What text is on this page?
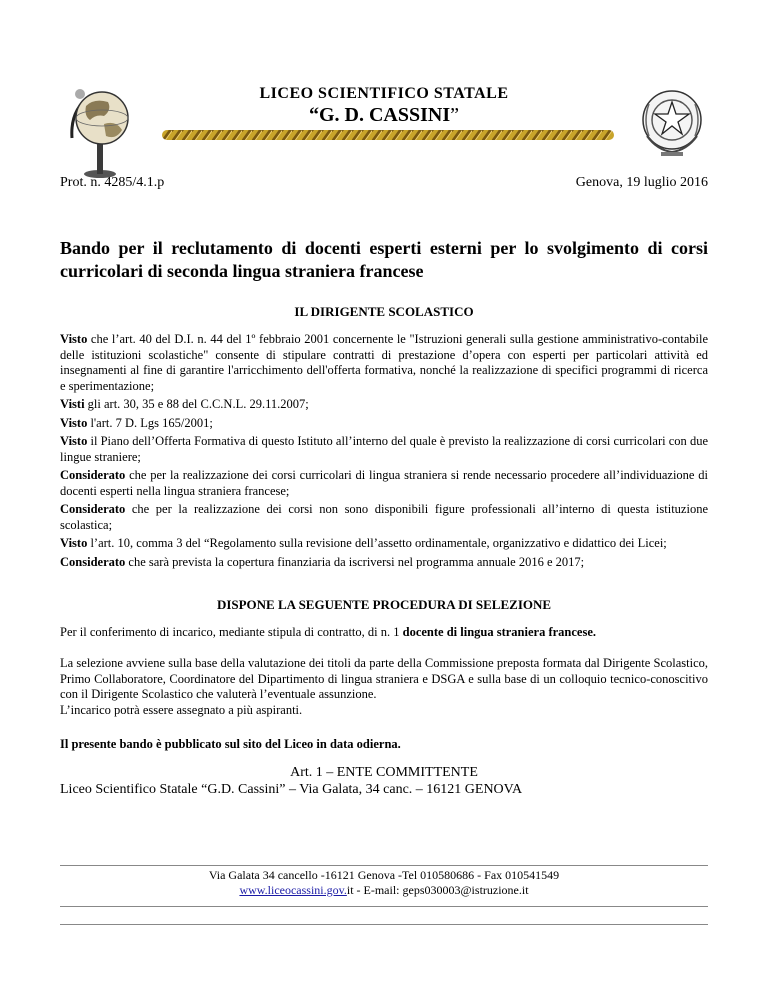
LICEO SCIENTIFICO STATALE
“G. D. CASSINI”
Prot. n. 4285/4.1.p	Genova, 19 luglio 2016
Bando per il reclutamento di docenti esperti esterni per lo svolgimento di corsi curricolari di seconda lingua straniera francese
IL DIRIGENTE SCOLASTICO

Visto che l’art. 40 del D.I. n. 44 del 1º febbraio 2001 concernente le "Istruzioni generali sulla gestione amministrativo-contabile delle istituzioni scolastiche" consente di stipulare contratti di prestazione d’opera con esperti per particolari attività ed insegnamenti al fine di garantire l'arricchimento dell'offerta formativa, nonché la realizzazione di specifici programmi di ricerca e sperimentazione;

Visti gli art. 30, 35 e 88 del C.C.N.L. 29.11.2007;

Visto l'art. 7 D. Lgs 165/2001;

Visto il Piano dell’Offerta Formativa di questo Istituto all’interno del quale è previsto la realizzazione di corsi curricolari con due lingue straniere;

Considerato che per la realizzazione dei corsi curricolari di lingua straniera si rende necessario procedere all’individuazione di docenti esperti nella lingua straniera francese;

Considerato che per la realizzazione dei corsi non sono disponibili figure professionali all’interno di questa istituzione scolastica;

Visto l’art. 10, comma 3 del “Regolamento sulla revisione dell’assetto ordinamentale, organizzativo e didattico dei Licei;

Considerato che sarà prevista la copertura finanziaria da iscriversi nel programma annuale 2016 e 2017;

DISPONE LA SEGUENTE PROCEDURA DI SELEZIONE
Per il conferimento di incarico, mediante stipula di contratto, di n. 1 docente di lingua straniera francese.

La selezione avviene sulla base della valutazione dei titoli da parte della Commissione preposta formata dal Dirigente Scolastico, Primo Collaboratore, Coordinatore del Dipartimento di lingua straniera e DSGA e sulla base di un colloquio tecnico-conoscitivo con il Dirigente Scolastico che valuterà l’eventuale assunzione.

L’incarico potrà essere assegnato a più aspiranti.

Il presente bando è pubblicato sul sito del Liceo in data odierna.
Art. 1 – ENTE COMMITTENTE
Liceo Scientifico Statale “G.D. Cassini” – Via Galata, 34 canc. – 16121 GENOVA
Via Galata 34 cancello -16121 Genova -Tel 010580686 - Fax 010541549
www.liceocassini.gov.it - E-mail: geps030003@istruzione.it
